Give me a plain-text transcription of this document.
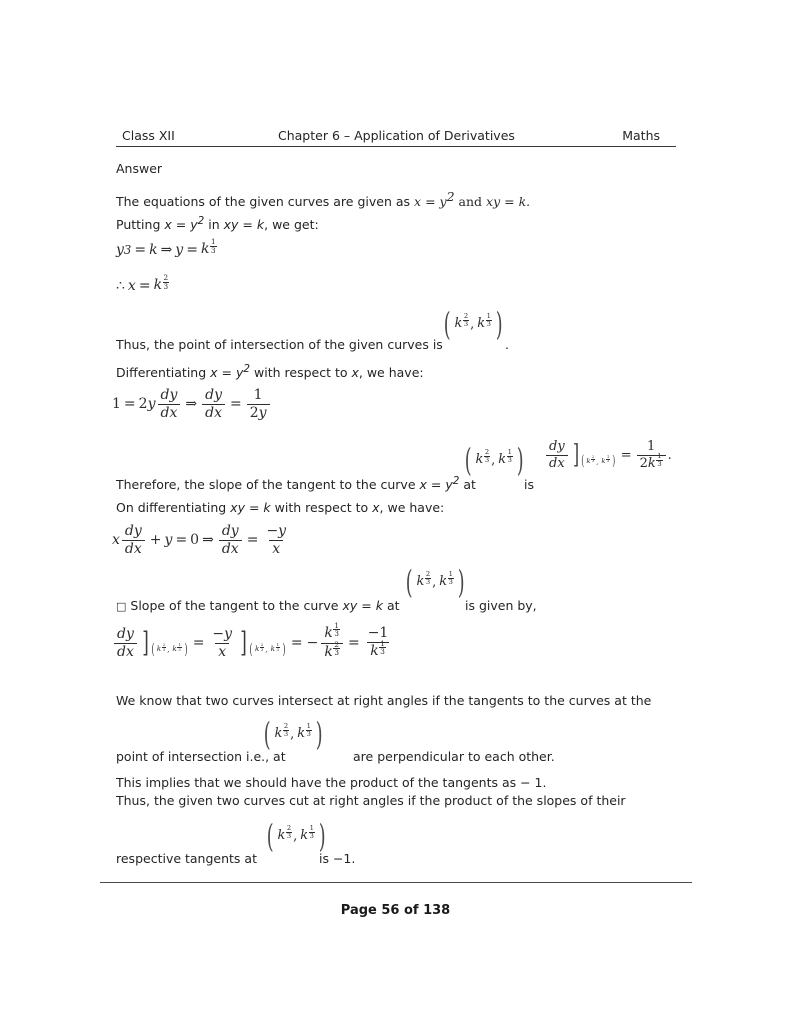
Class XII	Chapter 6 – Application of Derivatives	Maths
Answer
The equations of the given curves are given as $x = y^2$ and xy = k.
Putting $x = y^2$ in xy = k, we get:
y 3 = k ⇒ y = k $\frac{1}{3}$
∴ x = k $\frac{2}{3}$
Thus, the point of intersection of the given curves is
( k $\frac{2}{3}$ , k $\frac{1}{3}$ )
.
Differentiating $x = y^2$ with respect to x, we have:
1 = 2 y $\frac{dy}{dx}$ ⇒ $\frac{dy}{dx} = \frac{1}{2y}$
Therefore, the slope of the tangent to the curve $x = y^2$ at
( k $\frac{2}{3}$ , k $\frac{1}{3}$ )
is
$\frac{dy}{dx}$ ] ( k $\frac{2}{3}$ , k $\frac{1}{3}$ ) = $\frac{1}{2 k \frac{1}{3}}$ .
On differentiating xy = k with respect to x, we have:
x $\frac{dy}{dx} + y = 0$ ⇒ $\frac{dy}{dx} = \frac{-y}{x}$
□ Slope of the tangent to the curve xy = k at
( k $\frac{2}{3}$ , k $\frac{1}{3}$ )
is given by,
$\frac{dy}{dx}$ ] ( k $\frac{2}{3}$ , k $\frac{1}{3}$ ) = $\frac{-y}{x}$ ] ( k $\frac{2}{3}$ , k $\frac{1}{3}$ ) = − $\frac{k \frac{1}{3}}{k \frac{2}{3}} = \frac{-1}{k \frac{1}{3}}$
We know that two curves intersect at right angles if the tangents to the curves at the
point of intersection i.e., at
( k $\frac{2}{3}$ , k $\frac{1}{3}$ )
are perpendicular to each other.
This implies that we should have the product of the tangents as − 1.
Thus, the given two curves cut at right angles if the product of the slopes of their
respective tangents at
( k $\frac{2}{3}$ , k $\frac{1}{3}$ )
is −1.
Page 56 of 138
